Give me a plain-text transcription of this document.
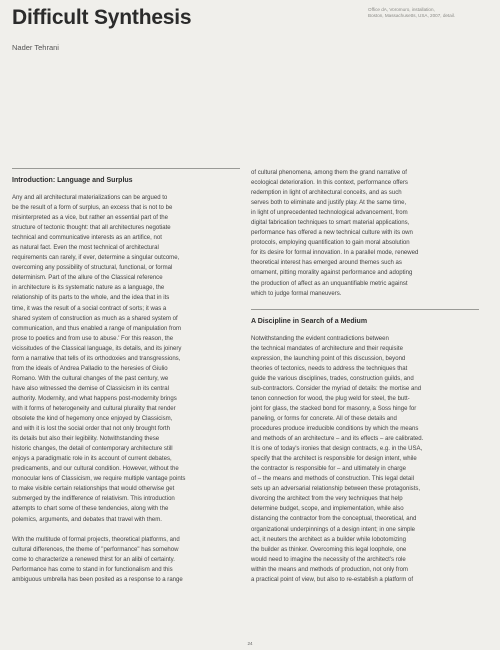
Difficult Synthesis	Office dA, Voromuro, installation,
Boston, Massachusetts, USA, 2007, detail.
Nader Tehrani
Introduction: Language and Surplus

Any and all architectural materializations can be argued to
be the result of a form of surplus, an excess that is not to be
misinterpreted as a vice, but rather an essential part of the
structure of tectonic thought: that all architectures negotiate
technical and communicative interests as an artifice, not
as natural fact. Even the most technical of architectural
requirements can rarely, if ever, determine a singular outcome,
overcoming any possibility of structural, functional, or formal
determinism. Part of the allure of the Classical reference
in architecture is its systematic nature as a language, the
relationship of its parts to the whole, and the idea that in its
time, it was the result of a social contract of sorts; it was a
shared system of construction as much as a shared system of
communication, and thus enabled a range of manipulation from
prose to poetics and from use to abuse.' For this reason, the
vicissitudes of the Classical language, its details, and its joinery
form a narrative that tells of its orthodoxies and transgressions,
from the ideals of Andrea Palladio to the heresies of Giulio
Romano. With the cultural changes of the past century, we
have also witnessed the demise of Classicism in its central
authority. Modernity, and what happens post-modernity brings
with it forms of heterogeneity and cultural plurality that render
obsolete the kind of hegemony once enjoyed by Classicism,
and with it is lost the social order that not only brought forth
its details but also their legibility. Notwithstanding these
historic changes, the detail of contemporary architecture still
enjoys a paradigmatic role in its account of current debates,
predicaments, and our cultural condition. However, without the
monocular lens of Classicism, we require multiple vantage points
to make visible certain relationships that would otherwise get
submerged by the indifference of relativism. This introduction
attempts to chart some of these tendencies, along with the
polemics, arguments, and debates that travel with them.

With the multitude of formal projects, theoretical platforms, and
cultural differences, the theme of "performance" has somehow
come to characterize a renewed thirst for an alibi of certainty.
Performance has come to stand in for functionalism and this
ambiguous umbrella has been posited as a response to a range

of cultural phenomena, among them the grand narrative of
ecological deterioration. In this context, performance offers
redemption in light of architectural conceits, and as such
serves both to eliminate and justify play. At the same time,
in light of unprecedented technological advancement, from
digital fabrication techniques to smart material applications,
performance has offered a new technical culture with its own
protocols, employing quantification to gain moral absolution
for its desire for formal innovation. In a parallel mode, renewed
theoretical interest has emerged around themes such as
ornament, pitting morality against performance and adopting
the production of affect as an unquantifiable metric against
which to judge formal maneuvers.

A Discipline in Search of a Medium

Notwithstanding the evident contradictions between
the technical mandates of architecture and their requisite
expression, the launching point of this discussion, beyond
theories of tectonics, needs to address the techniques that
guide the various disciplines, trades, construction guilds, and
sub-contractors. Consider the myriad of details: the mortise and
tenon connection for wood, the plug weld for steel, the butt-
joint for glass, the stacked bond for masonry, a Soss hinge for
paneling, or forms for concrete. All of these details and
procedures produce irreducible conditions by which the means
and methods of an architecture – and its effects – are calibrated.
It is one of today's ironies that design contracts, e.g. in the USA,
specify that the architect is responsible for design intent, while
the contractor is responsible for – and ultimately in charge
of – the means and methods of construction. This legal detail
sets up an adversarial relationship between these protagonists,
divorcing the architect from the very techniques that help
determine budget, scope, and implementation, while also
distancing the contractor from the conceptual, theoretical, and
organizational underpinnings of a design intent; in one simple
act, it neuters the architect as a builder while lobotomizing
the builder as thinker. Overcoming this legal loophole, one
would need to imagine the necessity of the architect's role
within the means and methods of production, not only from
a practical point of view, but also to re-establish a platform of

24
